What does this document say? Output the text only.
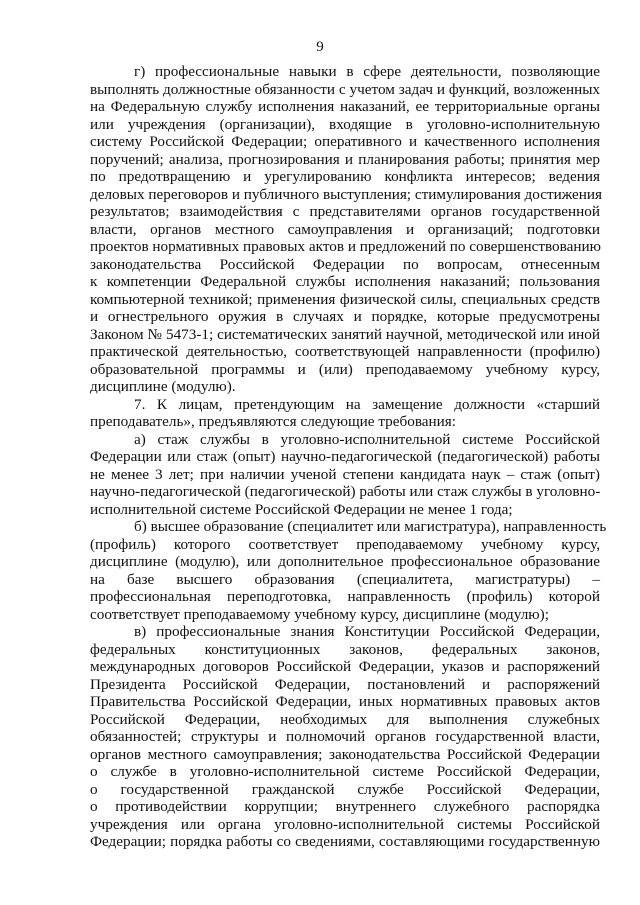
9
г) профессиональные навыки в сфере деятельности, позволяющие
выполнять должностные обязанности с учетом задач и функций, возложенных
на Федеральную службу исполнения наказаний, ее территориальные органы
или учреждения (организации), входящие в уголовно-исполнительную
систему Российской Федерации; оперативного и качественного исполнения
поручений; анализа, прогнозирования и планирования работы; принятия мер
по предотвращению и урегулированию конфликта интересов; ведения
деловых переговоров и публичного выступления; стимулирования достижения
результатов; взаимодействия с представителями органов государственной
власти, органов местного самоуправления и организаций; подготовки
проектов нормативных правовых актов и предложений по совершенствованию
законодательства Российской Федерации по вопросам, отнесенным
к компетенции Федеральной службы исполнения наказаний; пользования
компьютерной техникой; применения физической силы, специальных средств
и огнестрельного оружия в случаях и порядке, которые предусмотрены
Законом № 5473-1; систематических занятий научной, методической или иной
практической деятельностью, соответствующей направленности (профилю)
образовательной программы и (или) преподаваемому учебному курсу,
дисциплине (модулю).
7. К лицам, претендующим на замещение должности «старший
преподаватель», предъявляются следующие требования:
а) стаж службы в уголовно-исполнительной системе Российской
Федерации или стаж (опыт) научно-педагогической (педагогической) работы
не менее 3 лет; при наличии ученой степени кандидата наук – стаж (опыт)
научно-педагогической (педагогической) работы или стаж службы в уголовно-
исполнительной системе Российской Федерации не менее 1 года;
б) высшее образование (специалитет или магистратура), направленность
(профиль) которого соответствует преподаваемому учебному курсу,
дисциплине (модулю), или дополнительное профессиональное образование
на базе высшего образования (специалитета, магистратуры) –
профессиональная переподготовка, направленность (профиль) которой
соответствует преподаваемому учебному курсу, дисциплине (модулю);
в) профессиональные знания Конституции Российской Федерации,
федеральных конституционных законов, федеральных законов,
международных договоров Российской Федерации, указов и распоряжений
Президента Российской Федерации, постановлений и распоряжений
Правительства Российской Федерации, иных нормативных правовых актов
Российской Федерации, необходимых для выполнения служебных
обязанностей; структуры и полномочий органов государственной власти,
органов местного самоуправления; законодательства Российской Федерации
о службе в уголовно-исполнительной системе Российской Федерации,
о государственной гражданской службе Российской Федерации,
о противодействии коррупции; внутреннего служебного распорядка
учреждения или органа уголовно-исполнительной системы Российской
Федерации; порядка работы со сведениями, составляющими государственную
